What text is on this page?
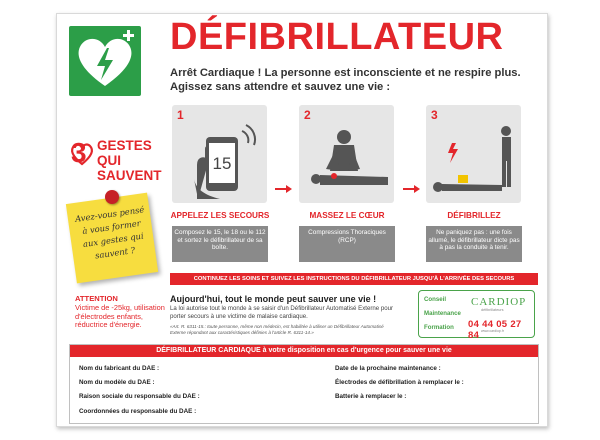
DÉFIBRILLATEUR
Arrêt Cardiaque ! La personne est inconsciente et ne respire plus.
Agissez sans attendre et sauvez une vie :
3 GESTES
QUI
SAUVENT
Avez-vous pensé à vous former aux gestes qui sauvent ?
ATTENTION
Victime de -25kg, utilisation d'électrodes enfants, réductrice d'énergie.
1
15
APPELEZ LES SECOURS
Composez le 15, le 18 ou le 112 et sortez le défibrillateur de sa boîte.
2
MASSEZ LE CŒUR
Compressions Thoraciques (RCP)
3
DÉFIBRILLEZ
Ne paniquez pas : une fois allumé, le défibrillateur dicte pas à pas la conduite à tenir.
CONTINUEZ LES SOINS ET SUIVEZ LES INSTRUCTIONS DU DÉFIBRILLATEUR JUSQU'À L'ARRIVÉE DES SECOURS
Aujourd'hui, tout le monde peut sauver une vie !
La loi autorise tout le monde à se saisir d'un Défibrillateur Automatisé Externe pour porter secours à une victime de malaise cardiaque.
«Art. R. 6311-15.: toute personne, même non médecin, est habilitée à utiliser un Défibrillateur Automatisé Externe répondant aux caractéristiques définies à l'article R. 6311-14.»
Conseil
Maintenance
Formation
CARDIOP
défibrillateurs
04 44 05 27 84 www.cardiop.fr
DÉFIBRILLATEUR CARDIAQUE à votre disposition en cas d'urgence pour sauver une vie
Nom du fabricant du DAE :
Nom du modèle du DAE :
Raison sociale du responsable du DAE :
Coordonnées du responsable du DAE :
Date de la prochaine maintenance :
Électrodes de défibrillation à remplacer le :
Batterie à remplacer le :
